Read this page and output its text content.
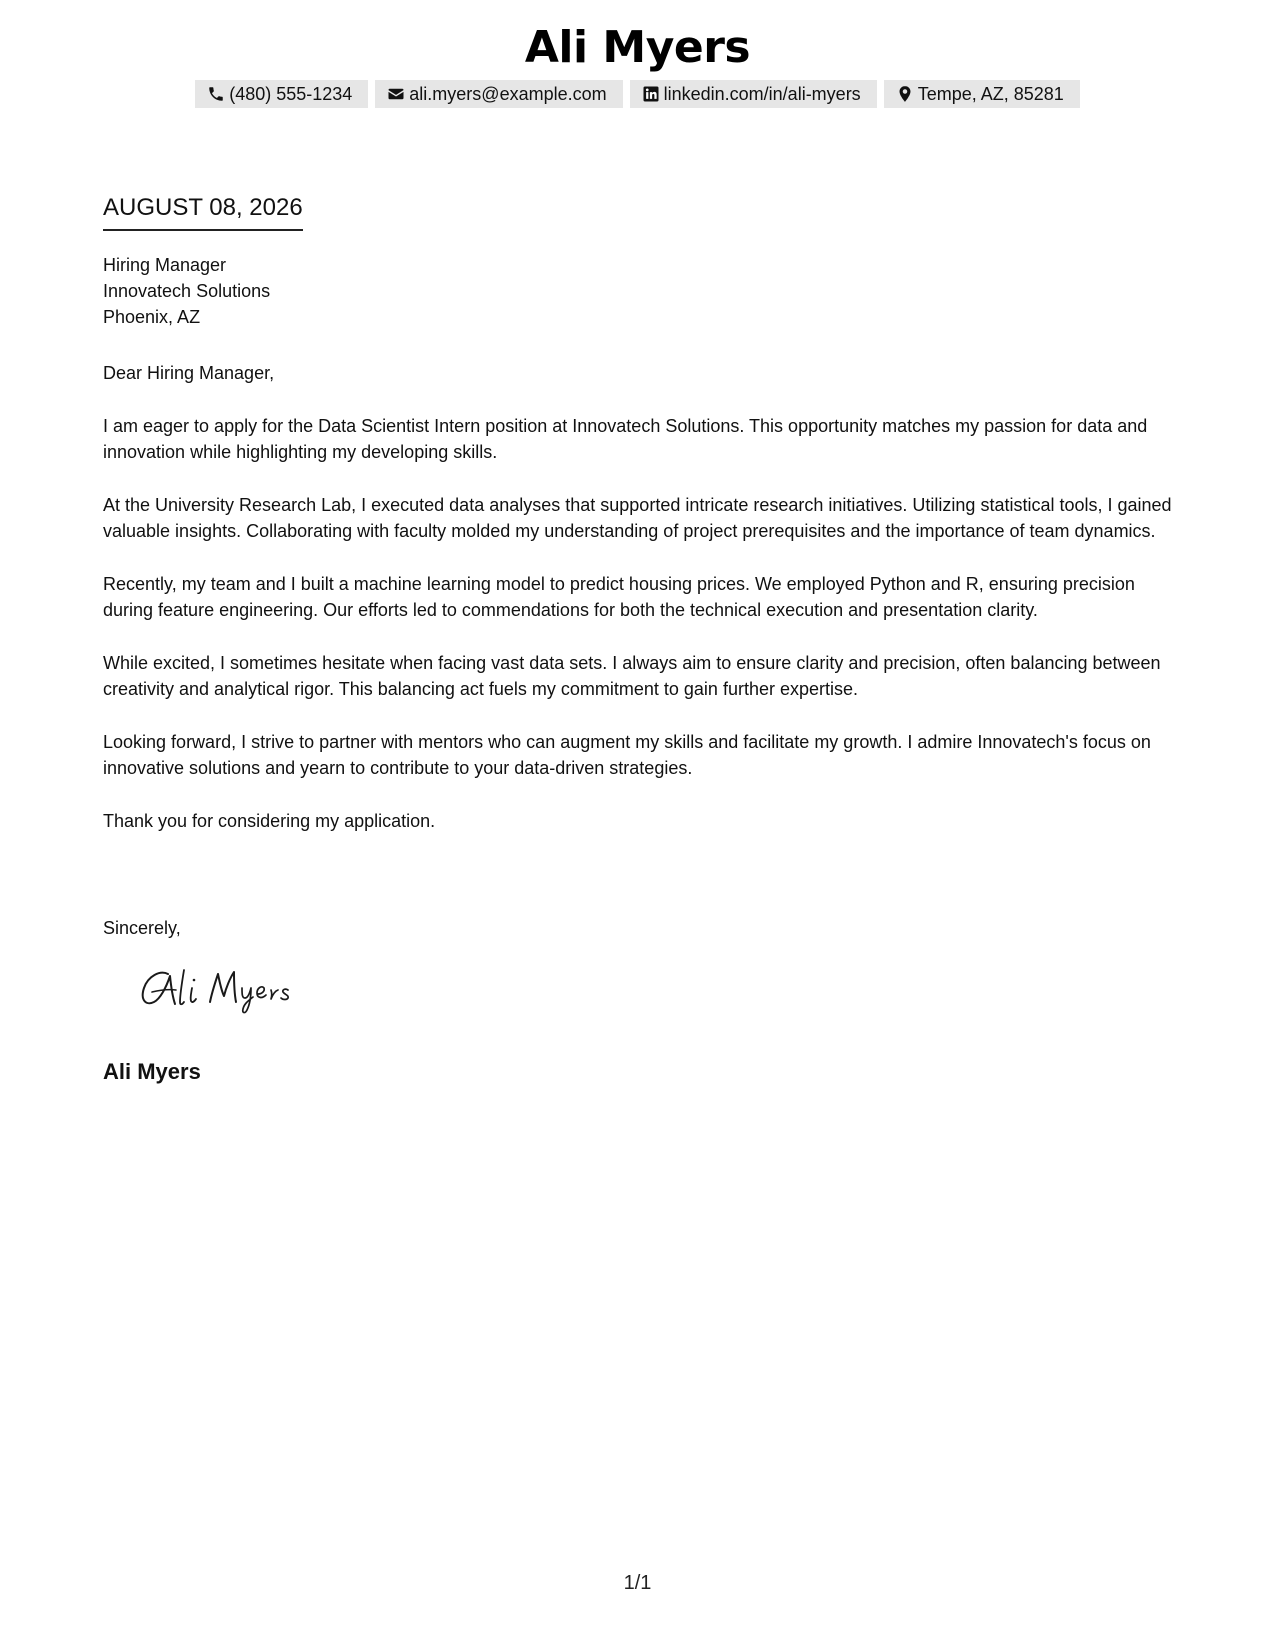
Ali Myers
(480) 555-1234	ali.myers@example.com	linkedin.com/in/ali-myers	Tempe, AZ, 85281
AUGUST 08, 2026
Hiring Manager
Innovatech Solutions
Phoenix, AZ

Dear Hiring Manager,

I am eager to apply for the Data Scientist Intern position at Innovatech Solutions. This opportunity matches my passion for data and innovation while highlighting my developing skills.

At the University Research Lab, I executed data analyses that supported intricate research initiatives. Utilizing statistical tools, I gained valuable insights. Collaborating with faculty molded my understanding of project prerequisites and the importance of team dynamics.

Recently, my team and I built a machine learning model to predict housing prices. We employed Python and R, ensuring precision during feature engineering. Our efforts led to commendations for both the technical execution and presentation clarity.

While excited, I sometimes hesitate when facing vast data sets. I always aim to ensure clarity and precision, often balancing between creativity and analytical rigor. This balancing act fuels my commitment to gain further expertise.

Looking forward, I strive to partner with mentors who can augment my skills and facilitate my growth. I admire Innovatech's focus on innovative solutions and yearn to contribute to your data-driven strategies.

Thank you for considering my application.

Sincerely,
Ali Myers
1/1
